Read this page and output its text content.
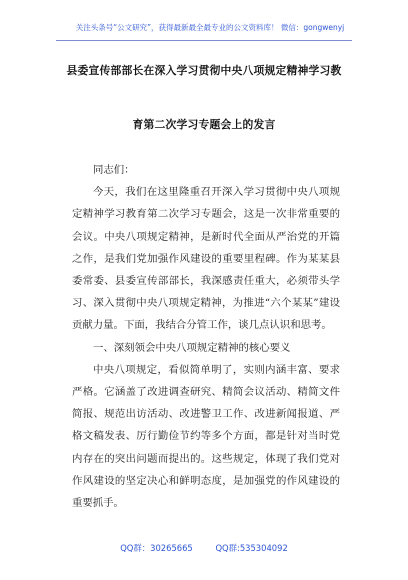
关注头条号“公文研究”，获得最新最全最专业的公文资料库！ 微信：gongwenyj
县委宣传部部长在深入学习贯彻中央八项规定精神学习教
育第二次学习专题会上的发言
同志们：

今天，我们在这里隆重召开深入学习贯彻中央八项规定精神学习教育第二次学习专题会，这是一次非常重要的会议。中央八项规定精神，是新时代全面从严治党的开篇之作，是我们党加强作风建设的重要里程碑。作为某某县委常委、县委宣传部部长，我深感责任重大，必须带头学习、深入贯彻中央八项规定精神，为推进“六个某某”建设贡献力量。下面，我结合分管工作，谈几点认识和思考。

一、深刻领会中央八项规定精神的核心要义

中央八项规定，看似简单明了，实则内涵丰富、要求严格。它涵盖了改进调查研究、精简会议活动、精简文件简报、规范出访活动、改进警卫工作、改进新闻报道、严格文稿发表、厉行勤俭节约等多个方面，都是针对当时党内存在的突出问题而提出的。这些规定，体现了我们党对作风建设的坚定决心和鲜明态度，是加强党的作风建设的重要抓手。

QQ群：30265665	QQ群:535304092
